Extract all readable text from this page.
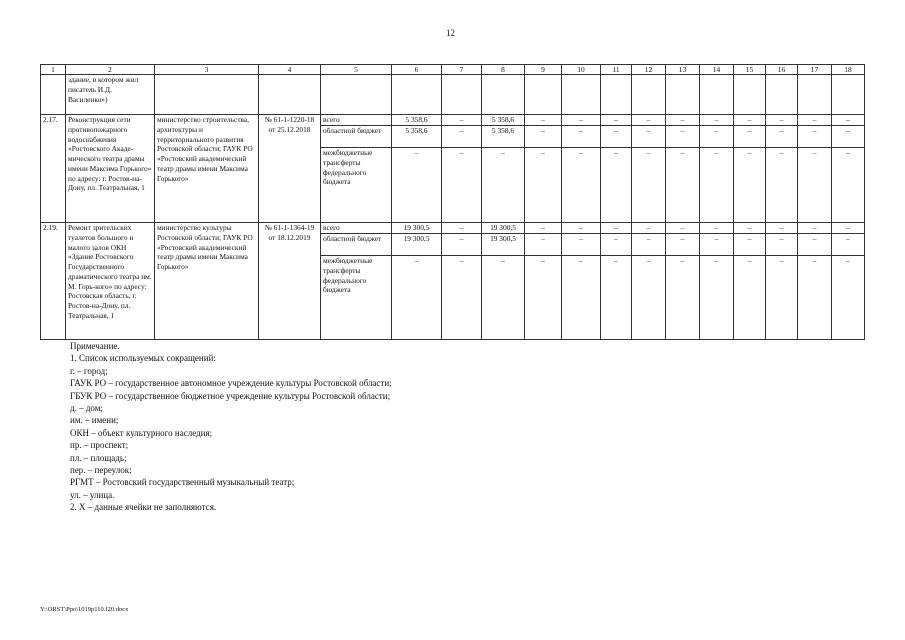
12
1	2	3	4	5	6	7	8	9	10	11	12	13	14	15	16	17	18
	здание, в котором жил писатель И.Д. Василенко»)																
2.17.	Реконструкция сети противопожарного водоснабжения «Ростовского Акаде-мического театра драмы имени Максима Горького» по адресу: г. Ростов-на-Дону, пл. Театральная, 1	министерство строительства, архитектуры и территориального развития Ростовской области; ГАУК РО «Ростовский академический театр драмы имени Максима Горького»	№ 61-1-1220-18 от 25.12.2018	всего	5 358,6	–	5 358,6	–	–	–	–	–	–	–	–	–	–
				областной бюджет	5 358,6	–	5 358,6	–	–	–	–	–	–	–	–	–	–
				межбюджетные трансферты федерального бюджета	–	–	–	–	–	–	–	–	–	–	–	–	–
2.19.	Ремонт зрительских туалетов большого и малого залов ОКН «Здание Ростовского Государственного драматического театра им. М. Горь-кого» по адресу: Ростовская область, г. Ростов-на-Дону, пл. Театральная, 1	министерство культуры Ростовской области; ГАУК РО «Ростовский академический театр драмы имени Максима Горького»	№ 61-1-1364-19 от 18.12.2019	всего	19 300,5	–	19 300,5	–	–	–	–	–	–	–	–	–	–
				областной бюджет	19 300,5	–	19 300,5	–	–	–	–	–	–	–	–	–	–
				межбюджетные трансферты федерального бюджета	–	–	–	–	–	–	–	–	–	–	–	–	–
Примечание.
1. Список используемых сокращений:
г. – город;
ГАУК РО – государственное автономное учреждение культуры Ростовской области;
ГБУК РО – государственное бюджетное учреждение культуры Ростовской области;
д. – дом;
им. – имени;
ОКН – объект культурного наследия;
пр. – проспект;
пл. – площадь;
пер. – переулок;
РГМТ – Ростовский государственный музыкальный театр;
ул. – улица.
2. Х – данные ячейки не заполняются.
Y:\ORST\Ppo\1019p110.f20.docx
